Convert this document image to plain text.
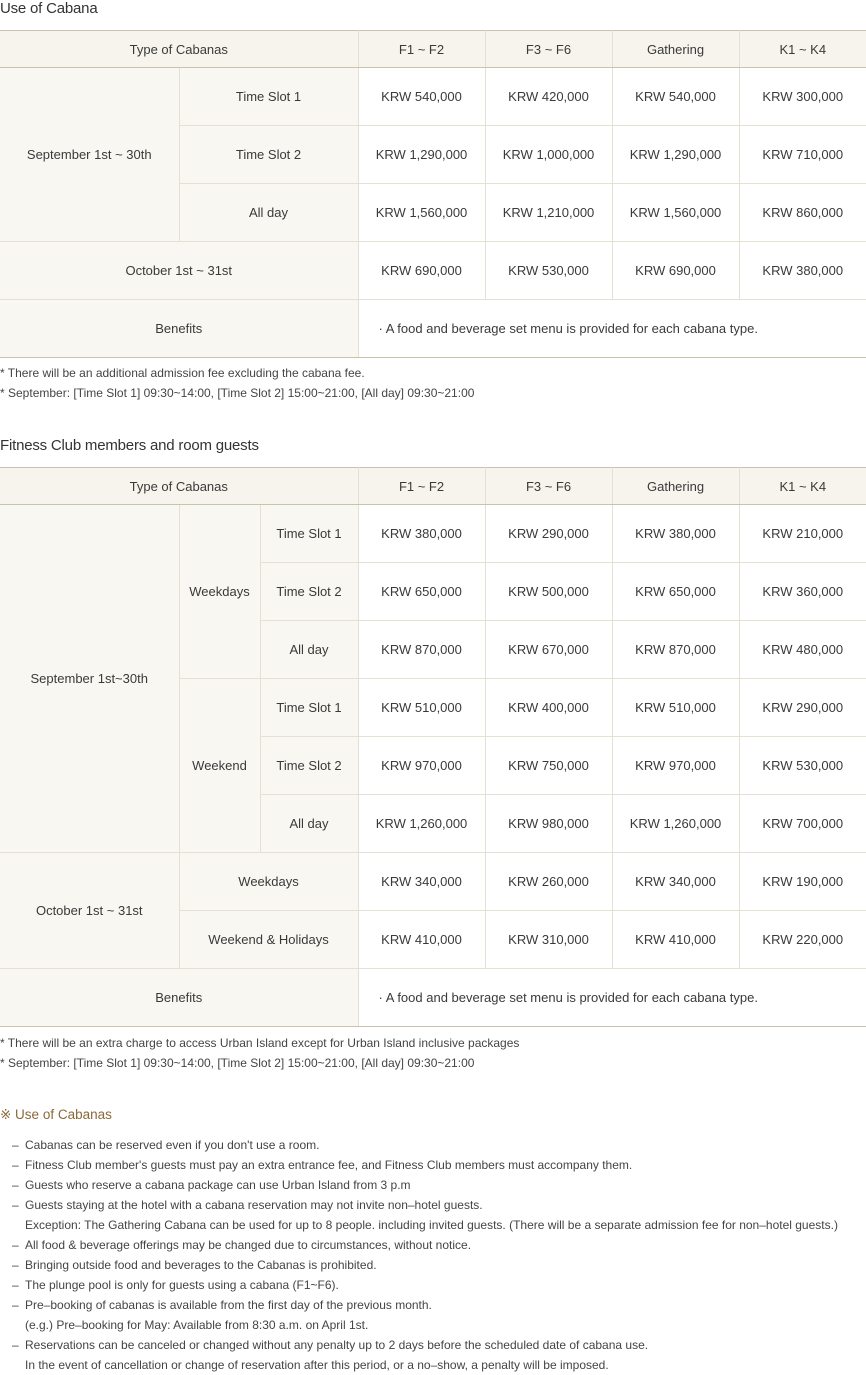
Use of Cabana
Type of Cabanas		F1 ~ F2	F3 ~ F6	Gathering	K1 ~ K4
September 1st ~ 30th	Time Slot 1	KRW 540,000	KRW 420,000	KRW 540,000	KRW 300,000
	Time Slot 2	KRW 1,290,000	KRW 1,000,000	KRW 1,290,000	KRW 710,000
	All day	KRW 1,560,000	KRW 1,210,000	KRW 1,560,000	KRW 860,000
October 1st ~ 31st		KRW 690,000	KRW 530,000	KRW 690,000	KRW 380,000
Benefits		· A food and beverage set menu is provided for each cabana type.			
* There will be an additional admission fee excluding the cabana fee.
* September: [Time Slot 1] 09:30~14:00, [Time Slot 2] 15:00~21:00, [All day] 09:30~21:00
Fitness Club members and room guests
Type of Cabanas			F1 ~ F2	F3 ~ F6	Gathering	K1 ~ K4
September 1st~30th	Weekdays	Time Slot 1	KRW 380,000	KRW 290,000	KRW 380,000	KRW 210,000
		Time Slot 2	KRW 650,000	KRW 500,000	KRW 650,000	KRW 360,000
		All day	KRW 870,000	KRW 670,000	KRW 870,000	KRW 480,000
	Weekend	Time Slot 1	KRW 510,000	KRW 400,000	KRW 510,000	KRW 290,000
		Time Slot 2	KRW 970,000	KRW 750,000	KRW 970,000	KRW 530,000
		All day	KRW 1,260,000	KRW 980,000	KRW 1,260,000	KRW 700,000
October 1st ~ 31st	Weekdays		KRW 340,000	KRW 260,000	KRW 340,000	KRW 190,000
	Weekend & Holidays		KRW 410,000	KRW 310,000	KRW 410,000	KRW 220,000
Benefits			· A food and beverage set menu is provided for each cabana type.			
* There will be an extra charge to access Urban Island except for Urban Island inclusive packages
* September: [Time Slot 1] 09:30~14:00, [Time Slot 2] 15:00~21:00, [All day] 09:30~21:00
※ Use of Cabanas
– Cabanas can be reserved even if you don't use a room.
– Fitness Club member's guests must pay an extra entrance fee, and Fitness Club members must accompany them.
– Guests who reserve a cabana package can use Urban Island from 3 p.m
– Guests staying at the hotel with a cabana reservation may not invite non–hotel guests.
Exception: The Gathering Cabana can be used for up to 8 people. including invited guests. (There will be a separate admission fee for non–hotel guests.)
– All food & beverage offerings may be changed due to circumstances, without notice.
– Bringing outside food and beverages to the Cabanas is prohibited.
– The plunge pool is only for guests using a cabana (F1~F6).
– Pre–booking of cabanas is available from the first day of the previous month.
(e.g.) Pre–booking for May: Available from 8:30 a.m. on April 1st.
– Reservations can be canceled or changed without any penalty up to 2 days before the scheduled date of cabana use.
In the event of cancellation or change of reservation after this period, or a no–show, a penalty will be imposed.
